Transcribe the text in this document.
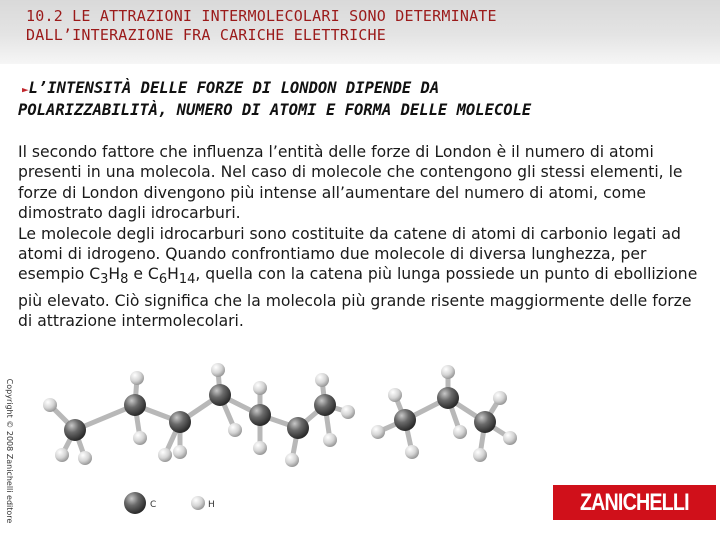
10.2 LE ATTRAZIONI INTERMOLECOLARI SONO DETERMINATE
DALL’INTERAZIONE FRA CARICHE ELETTRICHE
►L’INTENSITÀ DELLE FORZE DI LONDON DIPENDE DA
POLARIZZABILITÀ, NUMERO DI ATOMI E FORMA DELLE MOLECOLE

Il secondo fattore che influenza l’entità delle forze di London è il numero di atomi presenti in una molecola. Nel caso di molecole che contengono gli stessi elementi, le forze di London divengono più intense all’aumentare del numero di atomi, come dimostrato dagli idrocarburi.

Le molecole degli idrocarburi sono costituite da catene di atomi di carbonio legati ad atomi di idrogeno. Quando confrontiamo due molecole di diversa lunghezza, per esempio $C_3H_8$ e $C_6H_{14}$, quella con la catena più lunga possiede un punto di ebollizione più elevato. Ciò significa che la molecola più grande risente maggiormente delle forze di attrazione intermolecolari.

Copyright © 2008 Zanichelli editore	C	H	ZANICHELLI
